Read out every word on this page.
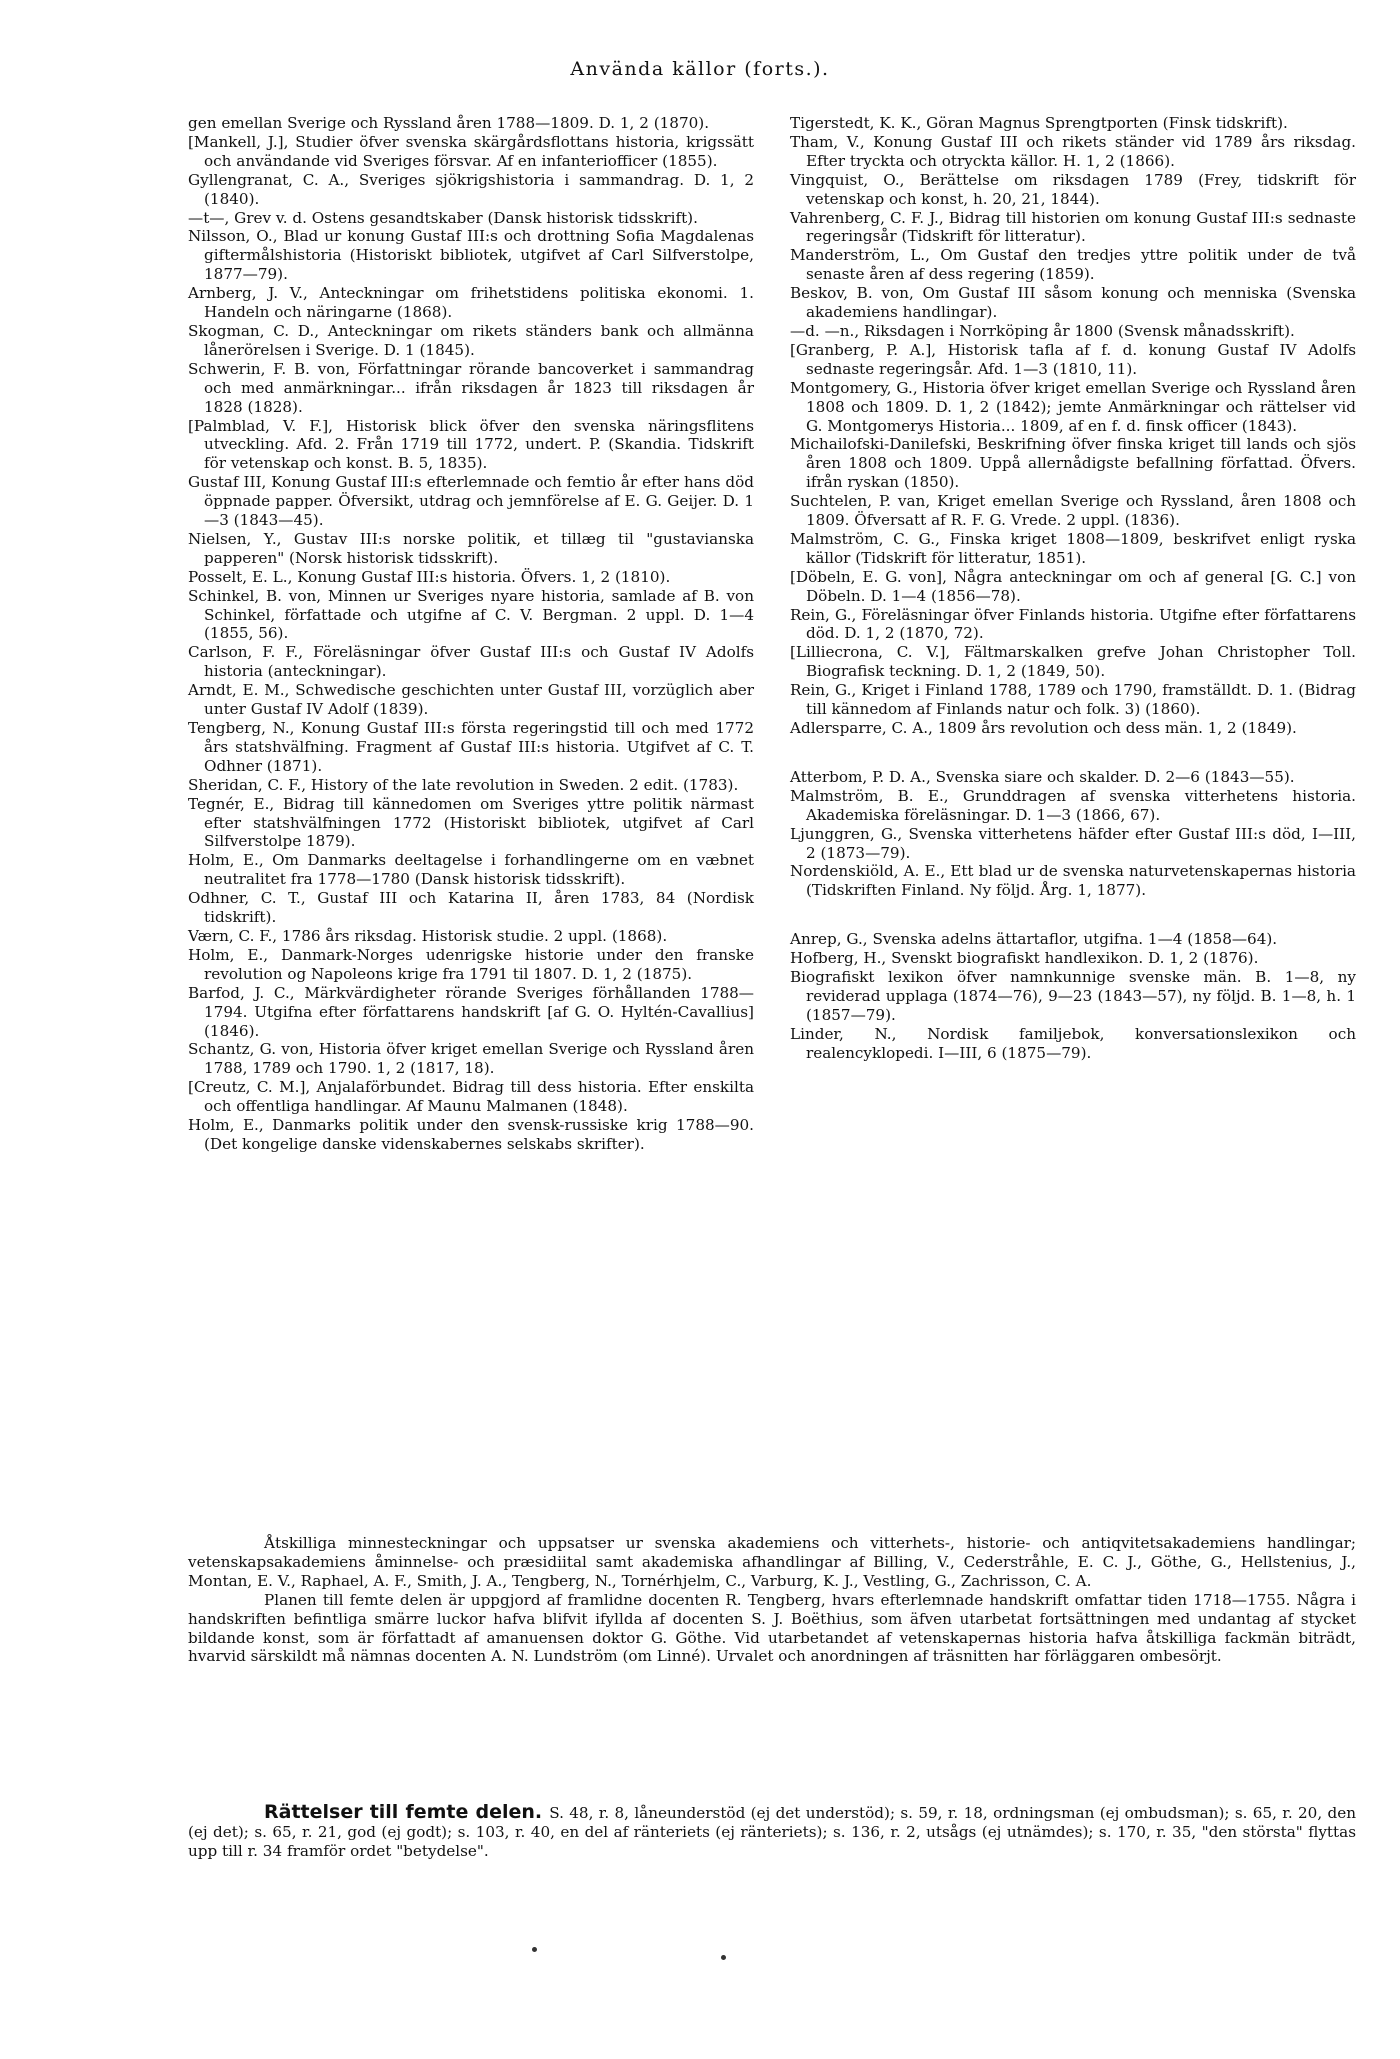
Använda källor (forts.).

gen emellan Sverige och Ryssland åren 1788—1809. D. 1, 2 (1870).

[Mankell, J.], Studier öfver svenska skärgårdsflottans historia, krigssätt och användande vid Sveriges försvar. Af en infanteriofficer (1855).

Gyllengranat, C. A., Sveriges sjökrigshistoria i sammandrag. D. 1, 2 (1840).

—t—, Grev v. d. Ostens gesandtskaber (Dansk historisk tidsskrift).

Nilsson, O., Blad ur konung Gustaf III:s och drottning Sofia Magdalenas giftermålshistoria (Historiskt bibliotek, utgifvet af Carl Silfverstolpe, 1877—79).

Arnberg, J. V., Anteckningar om frihetstidens politiska ekonomi. 1. Handeln och näringarne (1868).

Skogman, C. D., Anteckningar om rikets ständers bank och allmänna lånerörelsen i Sverige. D. 1 (1845).

Schwerin, F. B. von, Författningar rörande bancoverket i sammandrag och med anmärkningar... ifrån riksdagen år 1823 till riksdagen år 1828 (1828).

[Palmblad, V. F.], Historisk blick öfver den svenska näringsflitens utveckling. Afd. 2. Från 1719 till 1772, undert. P. (Skandia. Tidskrift för vetenskap och konst. B. 5, 1835).

Gustaf III, Konung Gustaf III:s efterlemnade och femtio år efter hans död öppnade papper. Öfversikt, utdrag och jemnförelse af E. G. Geijer. D. 1—3 (1843—45).

Nielsen, Y., Gustav III:s norske politik, et tillæg til "gustavianska papperen" (Norsk historisk tidsskrift).

Posselt, E. L., Konung Gustaf III:s historia. Öfvers. 1, 2 (1810).

Schinkel, B. von, Minnen ur Sveriges nyare historia, samlade af B. von Schinkel, författade och utgifne af C. V. Bergman. 2 uppl. D. 1—4 (1855, 56).

Carlson, F. F., Föreläsningar öfver Gustaf III:s och Gustaf IV Adolfs historia (anteckningar).

Arndt, E. M., Schwedische geschichten unter Gustaf III, vorzüglich aber unter Gustaf IV Adolf (1839).

Tengberg, N., Konung Gustaf III:s första regeringstid till och med 1772 års statshvälfning. Fragment af Gustaf III:s historia. Utgifvet af C. T. Odhner (1871).

Sheridan, C. F., History of the late revolution in Sweden. 2 edit. (1783).

Tegnér, E., Bidrag till kännedomen om Sveriges yttre politik närmast efter statshvälfningen 1772 (Historiskt bibliotek, utgifvet af Carl Silfverstolpe 1879).

Holm, E., Om Danmarks deeltagelse i forhandlingerne om en væbnet neutralitet fra 1778—1780 (Dansk historisk tidsskrift).

Odhner, C. T., Gustaf III och Katarina II, åren 1783, 84 (Nordisk tidskrift).

Værn, C. F., 1786 års riksdag. Historisk studie. 2 uppl. (1868).

Holm, E., Danmark-Norges udenrigske historie under den franske revolution og Napoleons krige fra 1791 til 1807. D. 1, 2 (1875).

Barfod, J. C., Märkvärdigheter rörande Sveriges förhållanden 1788—1794. Utgifna efter författarens handskrift [af G. O. Hyltén-Cavallius] (1846).

Schantz, G. von, Historia öfver kriget emellan Sverige och Ryssland åren 1788, 1789 och 1790. 1, 2 (1817, 18).

[Creutz, C. M.], Anjalaförbundet. Bidrag till dess historia. Efter enskilta och offentliga handlingar. Af Maunu Malmanen (1848).

Holm, E., Danmarks politik under den svensk-russiske krig 1788—90. (Det kongelige danske videnskabernes selskabs skrifter).

Tigerstedt, K. K., Göran Magnus Sprengtporten (Finsk tidskrift).

Tham, V., Konung Gustaf III och rikets ständer vid 1789 års riksdag. Efter tryckta och otryckta källor. H. 1, 2 (1866).

Vingquist, O., Berättelse om riksdagen 1789 (Frey, tidskrift för vetenskap och konst, h. 20, 21, 1844).

Vahrenberg, C. F. J., Bidrag till historien om konung Gustaf III:s sednaste regeringsår (Tidskrift för litteratur).

Manderström, L., Om Gustaf den tredjes yttre politik under de två senaste åren af dess regering (1859).

Beskov, B. von, Om Gustaf III såsom konung och menniska (Svenska akademiens handlingar).

—d. —n., Riksdagen i Norrköping år 1800 (Svensk månadsskrift).

[Granberg, P. A.], Historisk tafla af f. d. konung Gustaf IV Adolfs sednaste regeringsår. Afd. 1—3 (1810, 11).

Montgomery, G., Historia öfver kriget emellan Sverige och Ryssland åren 1808 och 1809. D. 1, 2 (1842); jemte Anmärkningar och rättelser vid G. Montgomerys Historia... 1809, af en f. d. finsk officer (1843).

Michailofski-Danilefski, Beskrifning öfver finska kriget till lands och sjös åren 1808 och 1809. Uppå allernådigste befallning författad. Öfvers. ifrån ryskan (1850).

Suchtelen, P. van, Kriget emellan Sverige och Ryssland, åren 1808 och 1809. Öfversatt af R. F. G. Vrede. 2 uppl. (1836).

Malmström, C. G., Finska kriget 1808—1809, beskrifvet enligt ryska källor (Tidskrift för litteratur, 1851).

[Döbeln, E. G. von], Några anteckningar om och af general [G. C.] von Döbeln. D. 1—4 (1856—78).

Rein, G., Föreläsningar öfver Finlands historia. Utgifne efter författarens död. D. 1, 2 (1870, 72).

[Lilliecrona, C. V.], Fältmarskalken grefve Johan Christopher Toll. Biografisk teckning. D. 1, 2 (1849, 50).

Rein, G., Kriget i Finland 1788, 1789 och 1790, framställdt. D. 1. (Bidrag till kännedom af Finlands natur och folk. 3) (1860).

Adlersparre, C. A., 1809 års revolution och dess män. 1, 2 (1849).

Atterbom, P. D. A., Svenska siare och skalder. D. 2—6 (1843—55).

Malmström, B. E., Grunddragen af svenska vitterhetens historia. Akademiska föreläsningar. D. 1—3 (1866, 67).

Ljunggren, G., Svenska vitterhetens häfder efter Gustaf III:s död, I—III, 2 (1873—79).

Nordenskiöld, A. E., Ett blad ur de svenska naturvetenskapernas historia (Tidskriften Finland. Ny följd. Årg. 1, 1877).

Anrep, G., Svenska adelns ättartaflor, utgifna. 1—4 (1858—64).

Hofberg, H., Svenskt biografiskt handlexikon. D. 1, 2 (1876).

Biografiskt lexikon öfver namnkunnige svenske män. B. 1—8, ny reviderad upplaga (1874—76), 9—23 (1843—57), ny följd. B. 1—8, h. 1 (1857—79).

Linder, N., Nordisk familjebok, konversationslexikon och realencyklopedi. I—III, 6 (1875—79).

Åtskilliga minnesteckningar och uppsatser ur svenska akademiens och vitterhets-, historie- och antiqvitetsakademiens handlingar; vetenskapsakademiens åminnelse- och præsidiital samt akademiska afhandlingar af Billing, V., Cederstråhle, E. C. J., Göthe, G., Hellstenius, J., Montan, E. V., Raphael, A. F., Smith, J. A., Tengberg, N., Tornérhjelm, C., Varburg, K. J., Vestling, G., Zachrisson, C. A.

Planen till femte delen är uppgjord af framlidne docenten R. Tengberg, hvars efterlemnade handskrift omfattar tiden 1718—1755. Några i handskriften befintliga smärre luckor hafva blifvit ifyllda af docenten S. J. Boëthius, som äfven utarbetat fortsättningen med undantag af stycket bildande konst, som är författadt af amanuensen doktor G. Göthe. Vid utarbetandet af vetenskapernas historia hafva åtskilliga fackmän biträdt, hvarvid särskildt må nämnas docenten A. N. Lundström (om Linné). Urvalet och anordningen af träsnitten har förläggaren ombesörjt.

Rättelser till femte delen. S. 48, r. 8, låneunderstöd (ej det understöd); s. 59, r. 18, ordningsman (ej ombudsman); s. 65, r. 20, den (ej det); s. 65, r. 21, god (ej godt); s. 103, r. 40, en del af ränteriets (ej ränteriets); s. 136, r. 2, utsågs (ej utnämdes); s. 170, r. 35, "den största" flyttas upp till r. 34 framför ordet "betydelse".
